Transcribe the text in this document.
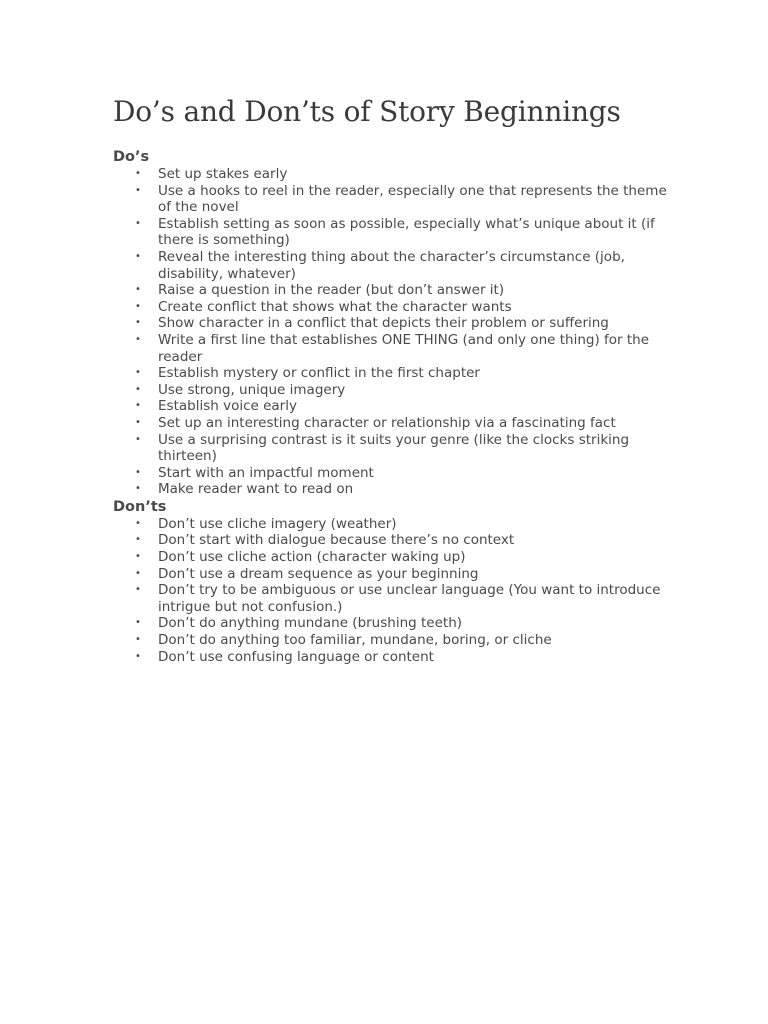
Do’s and Don’ts of Story Beginnings
Do’s
• Set up stakes early
• Use a hooks to reel in the reader, especially one that represents the theme of the novel
• Establish setting as soon as possible, especially what’s unique about it (if there is something)
• Reveal the interesting thing about the character’s circumstance (job, disability, whatever)
• Raise a question in the reader (but don’t answer it)
• Create conflict that shows what the character wants
• Show character in a conflict that depicts their problem or suffering
• Write a first line that establishes ONE THING (and only one thing) for the reader
• Establish mystery or conflict in the first chapter
• Use strong, unique imagery
• Establish voice early
• Set up an interesting character or relationship via a fascinating fact
• Use a surprising contrast is it suits your genre (like the clocks striking thirteen)
• Start with an impactful moment
• Make reader want to read on
Don’ts
• Don’t use cliche imagery (weather)
• Don’t start with dialogue because there’s no context
• Don’t use cliche action (character waking up)
• Don’t use a dream sequence as your beginning
• Don’t try to be ambiguous or use unclear language (You want to introduce intrigue but not confusion.)
• Don’t do anything mundane (brushing teeth)
• Don’t do anything too familiar, mundane, boring, or cliche
• Don’t use confusing language or content
